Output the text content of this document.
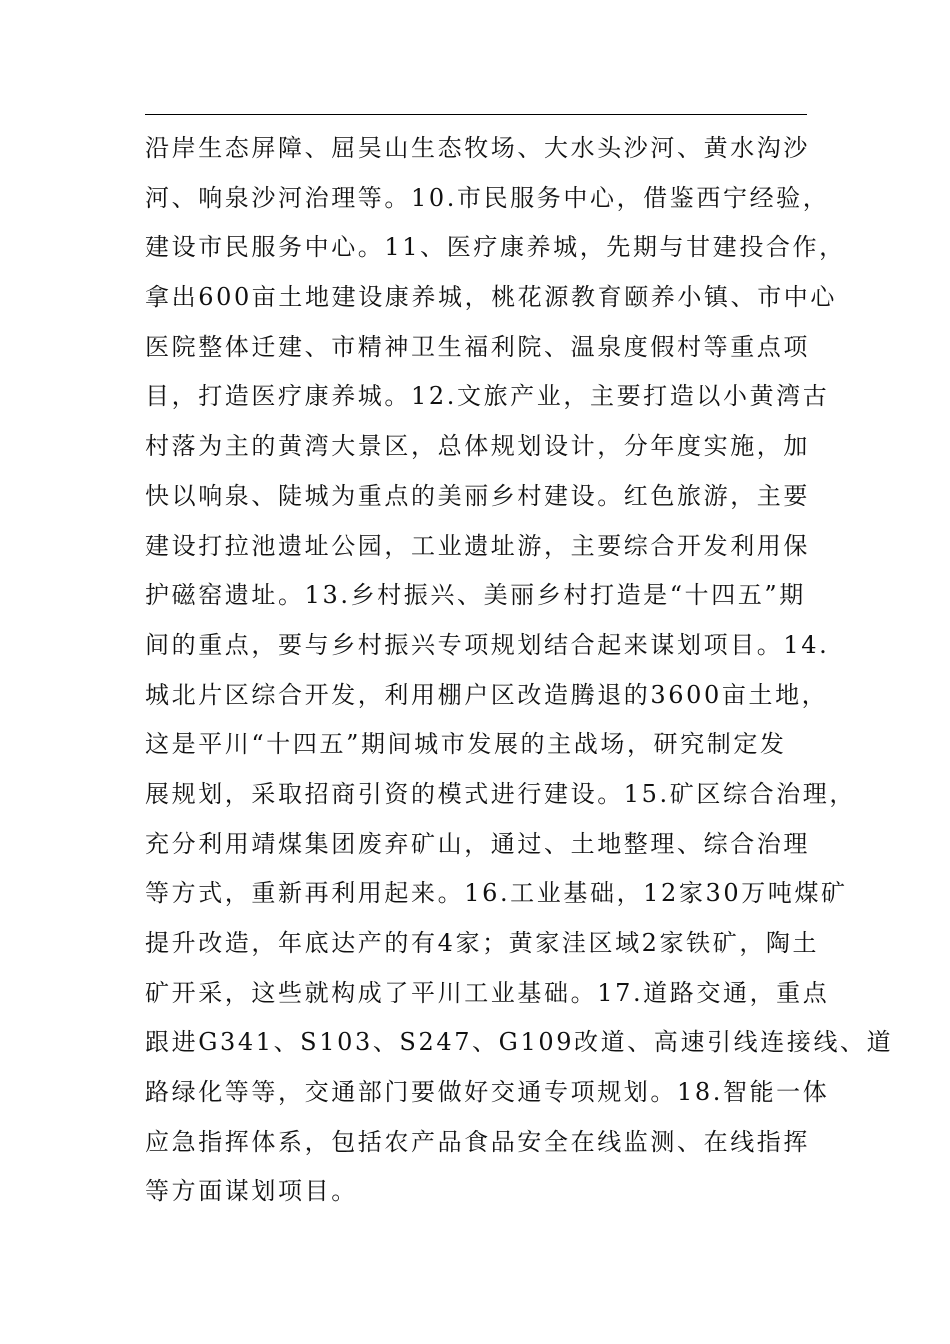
沿岸生态屏障、屈吴山生态牧场、大水头沙河、黄水沟沙
河、响泉沙河治理等。10.市民服务中心，借鉴西宁经验，
建设市民服务中心。11、医疗康养城，先期与甘建投合作，
拿出600亩土地建设康养城，桃花源教育颐养小镇、市中心
医院整体迁建、市精神卫生福利院、温泉度假村等重点项
目，打造医疗康养城。12.文旅产业，主要打造以小黄湾古
村落为主的黄湾大景区，总体规划设计，分年度实施，加
快以响泉、陡城为重点的美丽乡村建设。红色旅游，主要
建设打拉池遗址公园，工业遗址游，主要综合开发利用保
护磁窑遗址。13.乡村振兴、美丽乡村打造是“十四五”期
间的重点，要与乡村振兴专项规划结合起来谋划项目。14.
城北片区综合开发，利用棚户区改造腾退的3600亩土地，
这是平川“十四五”期间城市发展的主战场，研究制定发
展规划，采取招商引资的模式进行建设。15.矿区综合治理，
充分利用靖煤集团废弃矿山，通过、土地整理、综合治理
等方式，重新再利用起来。16.工业基础，12家30万吨煤矿
提升改造，年底达产的有4家；黄家洼区域2家铁矿，陶土
矿开采，这些就构成了平川工业基础。17.道路交通，重点
跟进G341、S103、S247、G109改道、高速引线连接线、道
路绿化等等，交通部门要做好交通专项规划。18.智能一体
应急指挥体系，包括农产品食品安全在线监测、在线指挥
等方面谋划项目。
